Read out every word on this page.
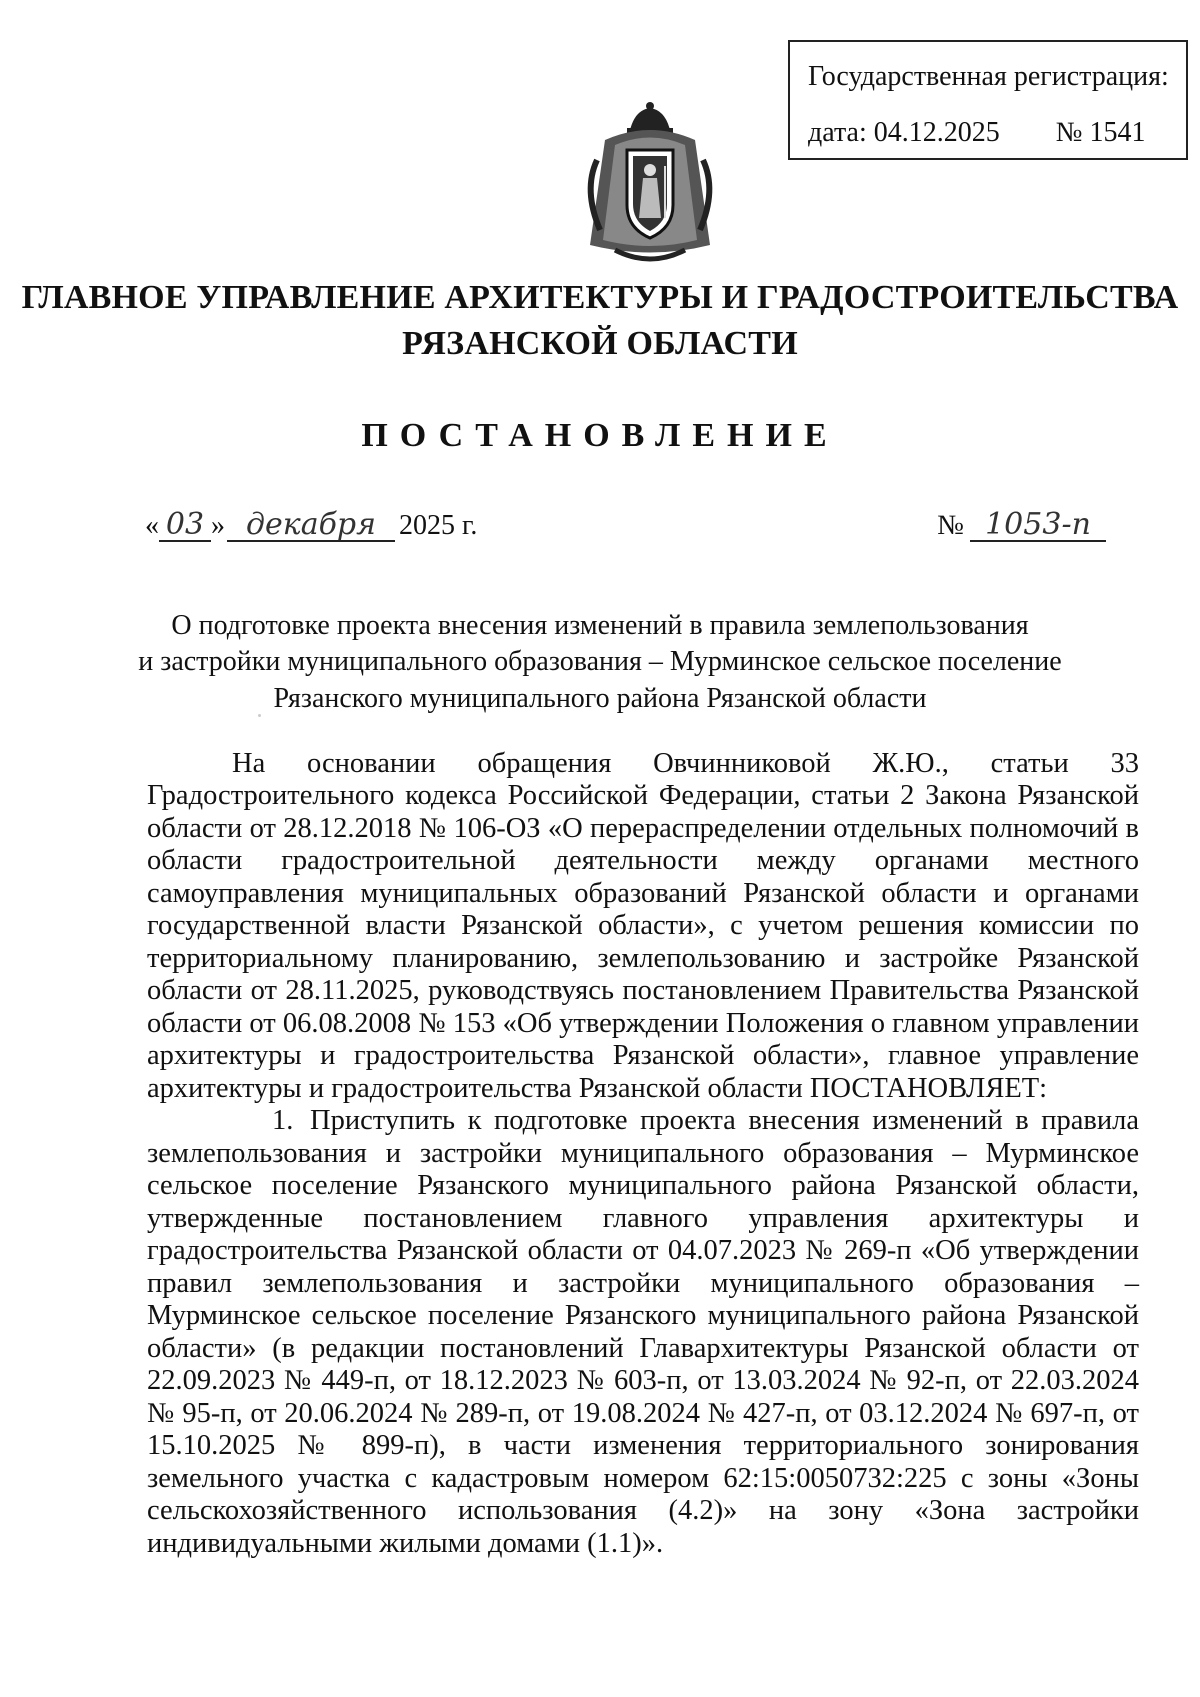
Государственная регистрация:
дата: 04.12.2025 № 1541
ГЛАВНОЕ УПРАВЛЕНИЕ АРХИТЕКТУРЫ И ГРАДОСТРОИТЕЛЬСТВА
РЯЗАНСКОЙ ОБЛАСТИ
ПОСТАНОВЛЕНИЕ
« 03 » декабря 2025 г.	№ 1053-п
О подготовке проекта внесения изменений в правила землепользования
и застройки муниципального образования – Мурминское сельское поселение
Рязанского муниципального района Рязанской области

На основании обращения Овчинниковой Ж.Ю., статьи 33 Градостроительного кодекса Российской Федерации, статьи 2 Закона Рязанской области от 28.12.2018 № 106-ОЗ «О перераспределении отдельных полномочий в области градостроительной деятельности между органами местного самоуправления муниципальных образований Рязанской области и органами государственной власти Рязанской области», с учетом решения комиссии по территориальному планированию, землепользованию и застройке Рязанской области от 28.11.2025, руководствуясь постановлением Правительства Рязанской области от 06.08.2008 № 153 «Об утверждении Положения о главном управлении архитектуры и градостроительства Рязанской области», главное управление архитектуры и градостроительства Рязанской области ПОСТАНОВЛЯЕТ:

1. Приступить к подготовке проекта внесения изменений в правила землепользования и застройки муниципального образования – Мурминское сельское поселение Рязанского муниципального района Рязанской области, утвержденные постановлением главного управления архитектуры и градостроительства Рязанской области от 04.07.2023 № 269-п «Об утверждении правил землепользования и застройки муниципального образования – Мурминское сельское поселение Рязанского муниципального района Рязанской области» (в редакции постановлений Главархитектуры Рязанской области от 22.09.2023 № 449-п, от 18.12.2023 № 603-п, от 13.03.2024 № 92-п, от 22.03.2024 № 95-п, от 20.06.2024 № 289-п, от 19.08.2024 № 427-п, от 03.12.2024 № 697-п, от 15.10.2025 № 899-п), в части изменения территориального зонирования земельного участка с кадастровым номером 62:15:0050732:225 с зоны «Зоны сельскохозяйственного использования (4.2)» на зону «Зона застройки индивидуальными жилыми домами (1.1)».
